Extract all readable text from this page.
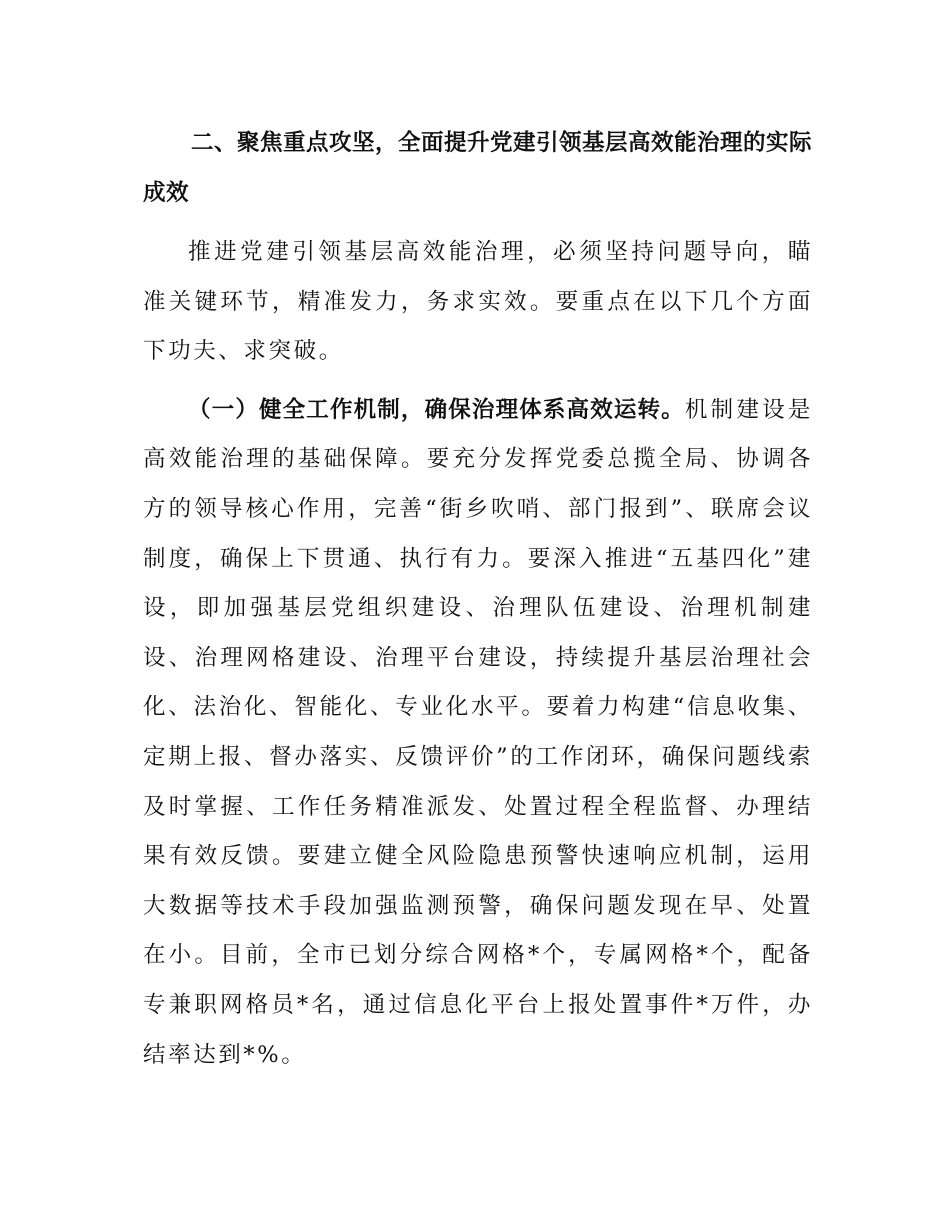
二、聚焦重点攻坚，全面提升党建引领基层高效能治理的实际成效

推进党建引领基层高效能治理，必须坚持问题导向，瞄准关键环节，精准发力，务求实效。要重点在以下几个方面下功夫、求突破。

（一）健全工作机制，确保治理体系高效运转。机制建设是高效能治理的基础保障。要充分发挥党委总揽全局、协调各方的领导核心作用，完善“街乡吹哨、部门报到”、联席会议制度，确保上下贯通、执行有力。要深入推进“五基四化”建设，即加强基层党组织建设、治理队伍建设、治理机制建设、治理网格建设、治理平台建设，持续提升基层治理社会化、法治化、智能化、专业化水平。要着力构建“信息收集、定期上报、督办落实、反馈评价”的工作闭环，确保问题线索及时掌握、工作任务精准派发、处置过程全程监督、办理结果有效反馈。要建立健全风险隐患预警快速响应机制，运用大数据等技术手段加强监测预警，确保问题发现在早、处置在小。目前，全市已划分综合网格*个，专属网格*个，配备专兼职网格员*名，通过信息化平台上报处置事件*万件，办结率达到*%。
